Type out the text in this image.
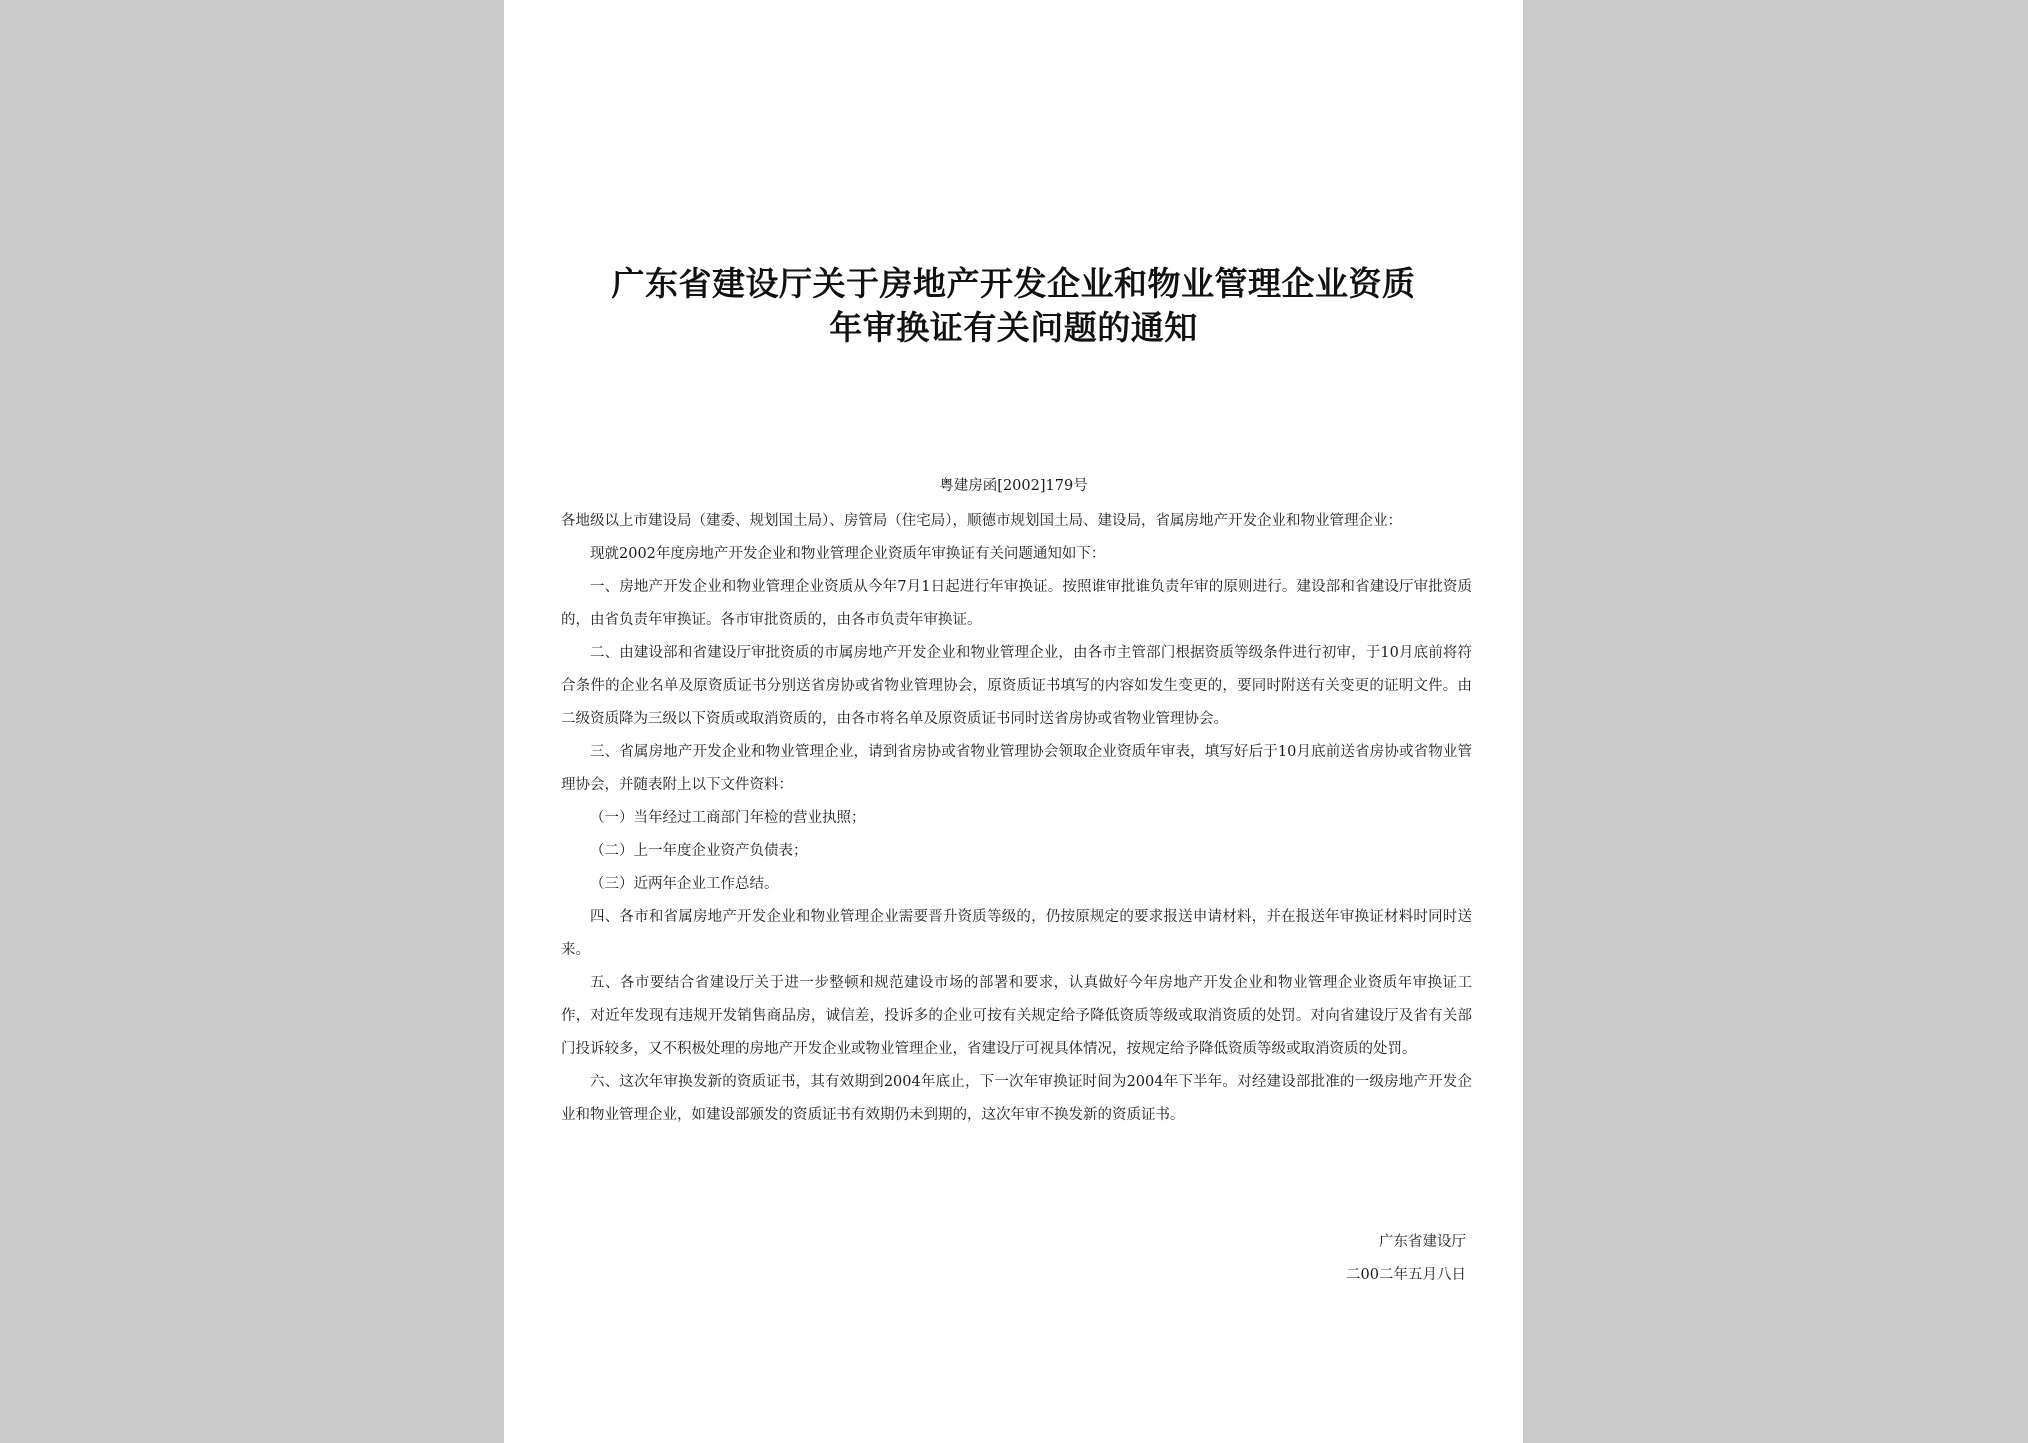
广东省建设厅关于房地产开发企业和物业管理企业资质
年审换证有关问题的通知
粤建房函[2002]179号

各地级以上市建设局（建委、规划国土局）、房管局（住宅局），顺德市规划国土局、建设局，省属房地产开发企业和物业管理企业：

现就2002年度房地产开发企业和物业管理企业资质年审换证有关问题通知如下：

一、房地产开发企业和物业管理企业资质从今年7月1日起进行年审换证。按照谁审批谁负责年审的原则进行。建设部和省建设厅审批资质的，由省负责年审换证。各市审批资质的，由各市负责年审换证。

二、由建设部和省建设厅审批资质的市属房地产开发企业和物业管理企业，由各市主管部门根据资质等级条件进行初审，于10月底前将符合条件的企业名单及原资质证书分别送省房协或省物业管理协会，原资质证书填写的内容如发生变更的，要同时附送有关变更的证明文件。由二级资质降为三级以下资质或取消资质的，由各市将名单及原资质证书同时送省房协或省物业管理协会。

三、省属房地产开发企业和物业管理企业，请到省房协或省物业管理协会领取企业资质年审表，填写好后于10月底前送省房协或省物业管理协会，并随表附上以下文件资料：

（一）当年经过工商部门年检的营业执照；

（二）上一年度企业资产负债表；

（三）近两年企业工作总结。

四、各市和省属房地产开发企业和物业管理企业需要晋升资质等级的，仍按原规定的要求报送申请材料，并在报送年审换证材料时同时送来。

五、各市要结合省建设厅关于进一步整顿和规范建设市场的部署和要求，认真做好今年房地产开发企业和物业管理企业资质年审换证工作，对近年发现有违规开发销售商品房，诚信差，投诉多的企业可按有关规定给予降低资质等级或取消资质的处罚。对向省建设厅及省有关部门投诉较多，又不积极处理的房地产开发企业或物业管理企业，省建设厅可视具体情况，按规定给予降低资质等级或取消资质的处罚。

六、这次年审换发新的资质证书，其有效期到2004年底止，下一次年审换证时间为2004年下半年。对经建设部批准的一级房地产开发企业和物业管理企业，如建设部颁发的资质证书有效期仍未到期的，这次年审不换发新的资质证书。

广东省建设厅
二00二年五月八日
